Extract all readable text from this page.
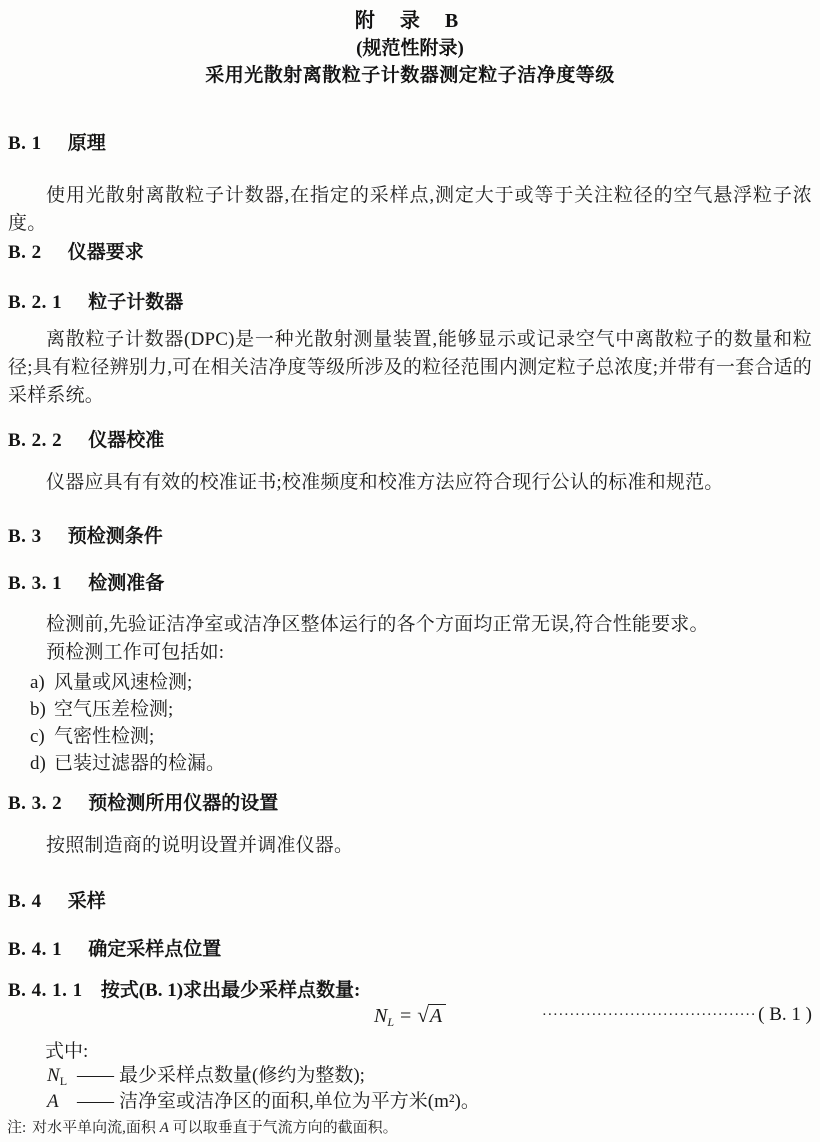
附 录 B
(规范性附录)
采用光散射离散粒子计数器测定粒子洁净度等级
B. 1 原理
使用光散射离散粒子计数器,在指定的采样点,测定大于或等于关注粒径的空气悬浮粒子浓度。
B. 2 仪器要求
B. 2. 1 粒子计数器
离散粒子计数器(DPC)是一种光散射测量装置,能够显示或记录空气中离散粒子的数量和粒径;具有粒径辨别力,可在相关洁净度等级所涉及的粒径范围内测定粒子总浓度;并带有一套合适的采样系统。
B. 2. 2 仪器校准
仪器应具有有效的校准证书;校准频度和校准方法应符合现行公认的标准和规范。
B. 3 预检测条件
B. 3. 1 检测准备
检测前,先验证洁净室或洁净区整体运行的各个方面均正常无误,符合性能要求。
预检测工作可包括如:
a) 风量或风速检测;
b) 空气压差检测;
c) 气密性检测;
d) 已装过滤器的检漏。
B. 3. 2 预检测所用仪器的设置
按照制造商的说明设置并调准仪器。
B. 4 采样
B. 4. 1 确定采样点位置
B. 4. 1. 1 按式(B. 1)求出最少采样点数量:
$N_L = √A$	······································· ( B. 1 )
式中:
$N_L$ —— 最少采样点数量(修约为整数);
A —— 洁净室或洁净区的面积,单位为平方米(m²)。
注: 对水平单向流,面积 A 可以取垂直于气流方向的截面积。
